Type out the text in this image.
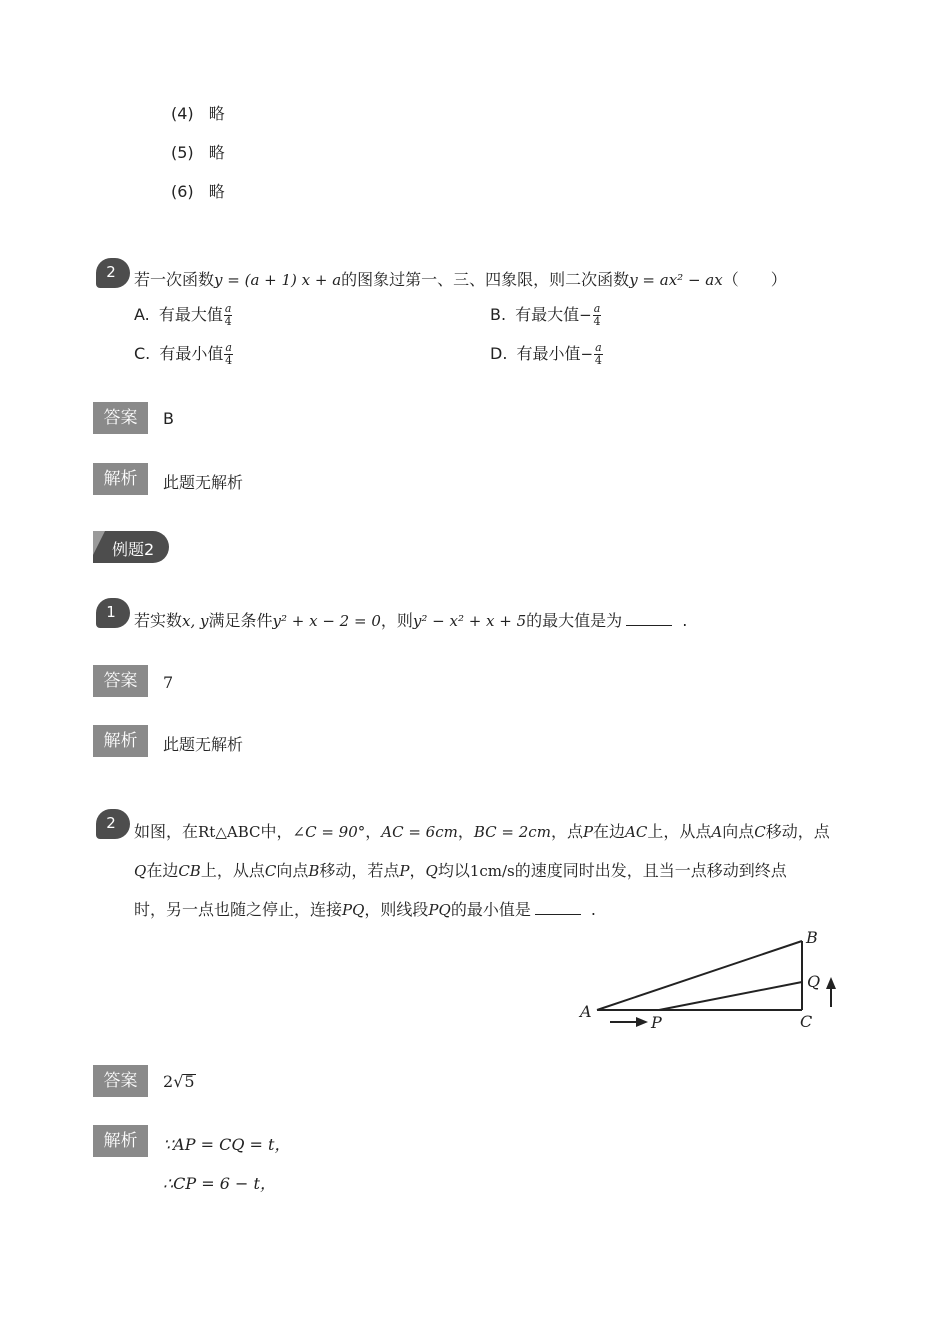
(4) 略
(5) 略
(6) 略
2	若一次函数y = (a + 1) x + a的图象过第一、三、四象限，则二次函数y = ax² − ax（　　）
A. 有最大值 $\frac{a}{4}$	B. 有最大值− $\frac{a}{4}$
C. 有最小值 $\frac{a}{4}$	D. 有最小值− $\frac{a}{4}$
答案	B
解析	此题无解析
例题2
1	若实数x, y满足条件y² + x − 2 = 0，则y² − x² + x + 5的最大值是为	.
答案	7
解析	此题无解析
2	如图，在Rt△ABC中，∠C = 90°，AC = 6cm，BC = 2cm，点P在边AC上，从点A向点C移动，点
Q在边CB上，从点C向点B移动，若点P，Q均以1cm/s的速度同时出发，且当一点移动到终点
时，另一点也随之停止，连接PQ，则线段PQ的最小值是	.
A
P	C
B
Q
答案	2√5
解析	∵AP = CQ = t，
∴CP = 6 − t，
